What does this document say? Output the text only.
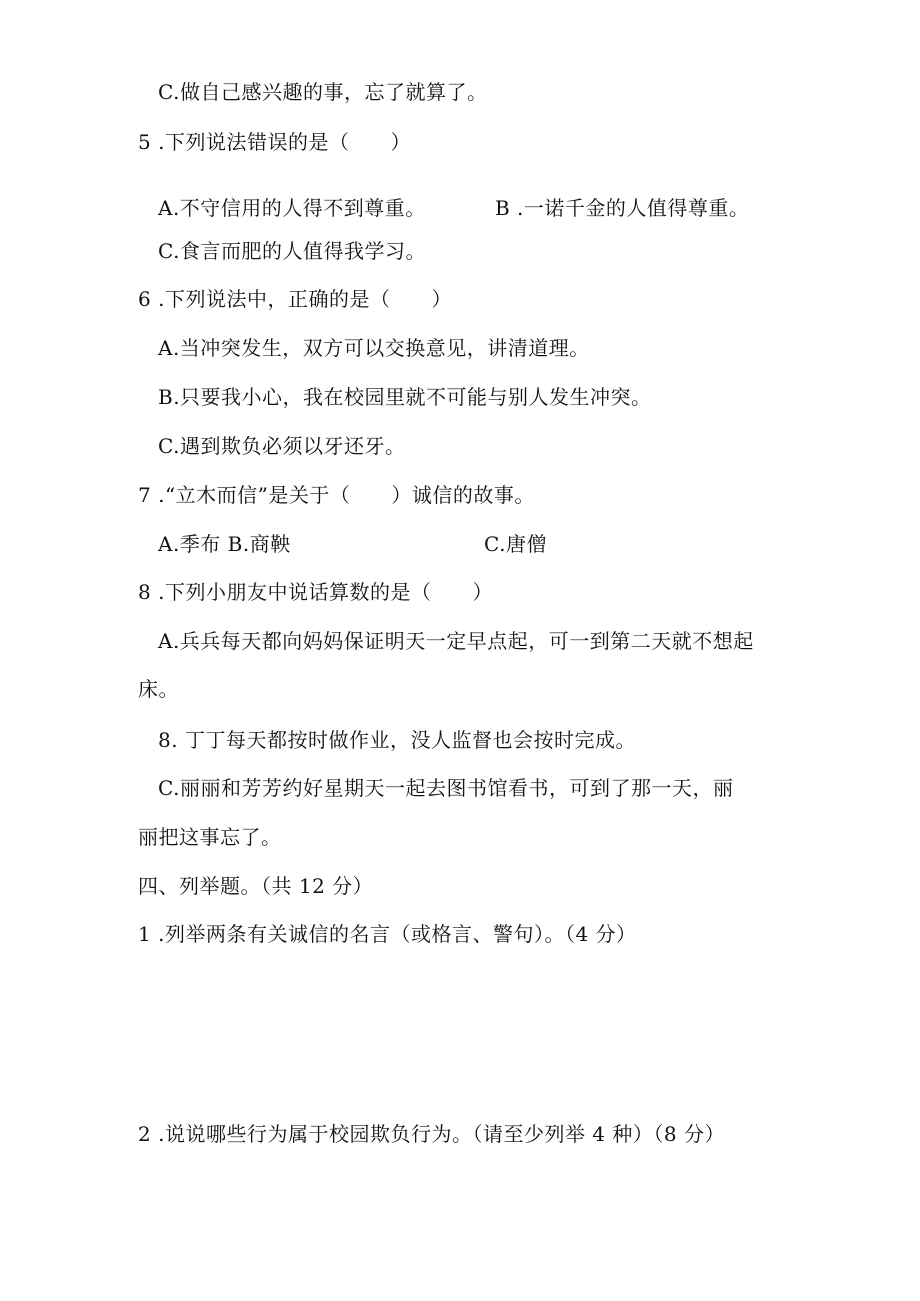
C.做自己感兴趣的事，忘了就算了。
5 .下列说法错误的是（　　）
A.不守信用的人得不到尊重。	B .一诺千金的人值得尊重。
C.食言而肥的人值得我学习。
6 .下列说法中，正确的是（　　）
A.当冲突发生，双方可以交换意见，讲清道理。
B.只要我小心，我在校园里就不可能与别人发生冲突。
C.遇到欺负必须以牙还牙。
7 .“立木而信”是关于（　　）诚信的故事。
A.季布 B.商鞅	C.唐僧
8 .下列小朋友中说话算数的是（　　）
A.兵兵每天都向妈妈保证明天一定早点起，可一到第二天就不想起
床。
8. 丁丁每天都按时做作业，没人监督也会按时完成。
C.丽丽和芳芳约好星期天一起去图书馆看书，可到了那一天，丽
丽把这事忘了。
四、列举题。（共 12 分）
1 .列举两条有关诚信的名言（或格言、警句）。（4 分）
2 .说说哪些行为属于校园欺负行为。（请至少列举 4 种）（8 分）
